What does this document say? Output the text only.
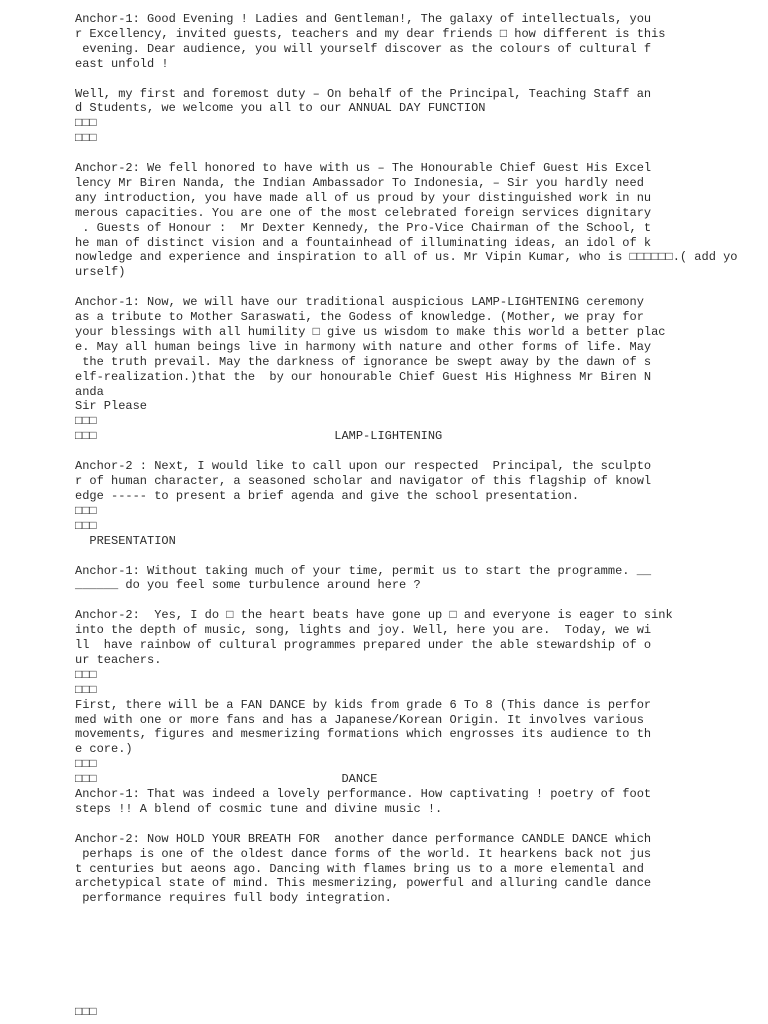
Anchor-1: Good Evening ! Ladies and Gentleman!, The galaxy of intellectuals, you
r Excellency, invited guests, teachers and my dear friends □ how different is this
evening. Dear audience, you will yourself discover as the colours of cultural f
east unfold !
Well, my first and foremost duty – On behalf of the Principal, Teaching Staff an
d Students, we welcome you all to our ANNUAL DAY FUNCTION
□□□
□□□
Anchor-2: We fell honored to have with us – The Honourable Chief Guest His Excel
lency Mr Biren Nanda, the Indian Ambassador To Indonesia, – Sir you hardly need
any introduction, you have made all of us proud by your distinguished work in nu
merous capacities. You are one of the most celebrated foreign services dignitary
. Guests of Honour :  Mr Dexter Kennedy, the Pro-Vice Chairman of the School, t
he man of distinct vision and a fountainhead of illuminating ideas, an idol of k
nowledge and experience and inspiration to all of us. Mr Vipin Kumar, who is □□□□□□.( add yo
urself)
Anchor-1: Now, we will have our traditional auspicious LAMP-LIGHTENING ceremony
as a tribute to Mother Saraswati, the Godess of knowledge. (Mother, we pray for
your blessings with all humility □ give us wisdom to make this world a better plac
e. May all human beings live in harmony with nature and other forms of life. May
the truth prevail. May the darkness of ignorance be swept away by the dawn of s
elf-realization.)that the  by our honourable Chief Guest His Highness Mr Biren N
anda
Sir Please
□□□
□□□                                 LAMP-LIGHTENING
Anchor-2 : Next, I would like to call upon our respected  Principal, the sculpto
r of human character, a seasoned scholar and navigator of this flagship of knowl
edge ----- to present a brief agenda and give the school presentation.
□□□
□□□
PRESENTATION
Anchor-1: Without taking much of your time, permit us to start the programme. __
______ do you feel some turbulence around here ?
Anchor-2:  Yes, I do □ the heart beats have gone up □ and everyone is eager to sink
into the depth of music, song, lights and joy. Well, here you are.  Today, we wi
ll  have rainbow of cultural programmes prepared under the able stewardship of o
ur teachers.
□□□
□□□
First, there will be a FAN DANCE by kids from grade 6 To 8 (This dance is perfor
med with one or more fans and has a Japanese/Korean Origin. It involves various
movements, figures and mesmerizing formations which engrosses its audience to th
e core.)
□□□
□□□                                  DANCE
Anchor-1: That was indeed a lovely performance. How captivating ! poetry of foot
steps !! A blend of cosmic tune and divine music !.
Anchor-2: Now HOLD YOUR BREATH FOR  another dance performance CANDLE DANCE which
perhaps is one of the oldest dance forms of the world. It hearkens back not jus
t centuries but aeons ago. Dancing with flames bring us to a more elemental and
archetypical state of mind. This mesmerizing, powerful and alluring candle dance
performance requires full body integration.
□□□
